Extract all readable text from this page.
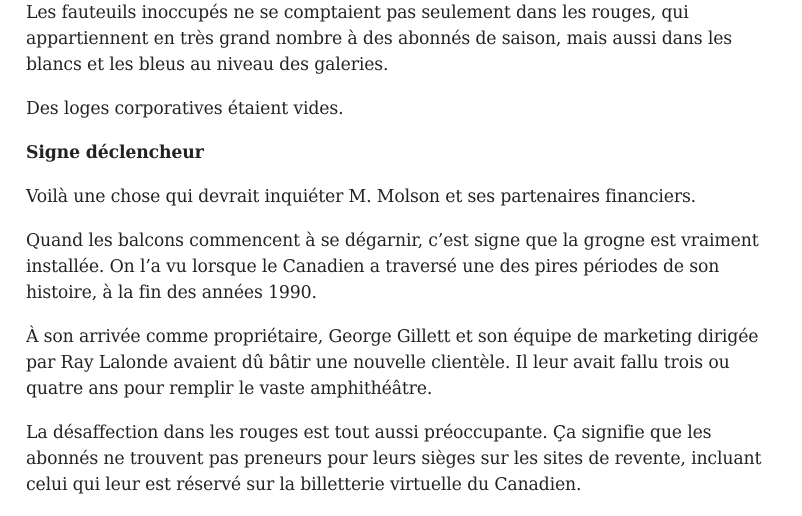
Les fauteuils inoccupés ne se comptaient pas seulement dans les rouges, qui appartiennent en très grand nombre à des abonnés de saison, mais aussi dans les blancs et les bleus au niveau des galeries.

Des loges corporatives étaient vides.

Signe déclencheur

Voilà une chose qui devrait inquiéter M. Molson et ses partenaires financiers.

Quand les balcons commencent à se dégarnir, c’est signe que la grogne est vraiment installée. On l’a vu lorsque le Canadien a traversé une des pires périodes de son histoire, à la fin des années 1990.

À son arrivée comme propriétaire, George Gillett et son équipe de marketing dirigée par Ray Lalonde avaient dû bâtir une nouvelle clientèle. Il leur avait fallu trois ou quatre ans pour remplir le vaste amphithéâtre.

La désaffection dans les rouges est tout aussi préoccupante. Ça signifie que les abonnés ne trouvent pas preneurs pour leurs sièges sur les sites de revente, incluant celui qui leur est réservé sur la billetterie virtuelle du Canadien.
